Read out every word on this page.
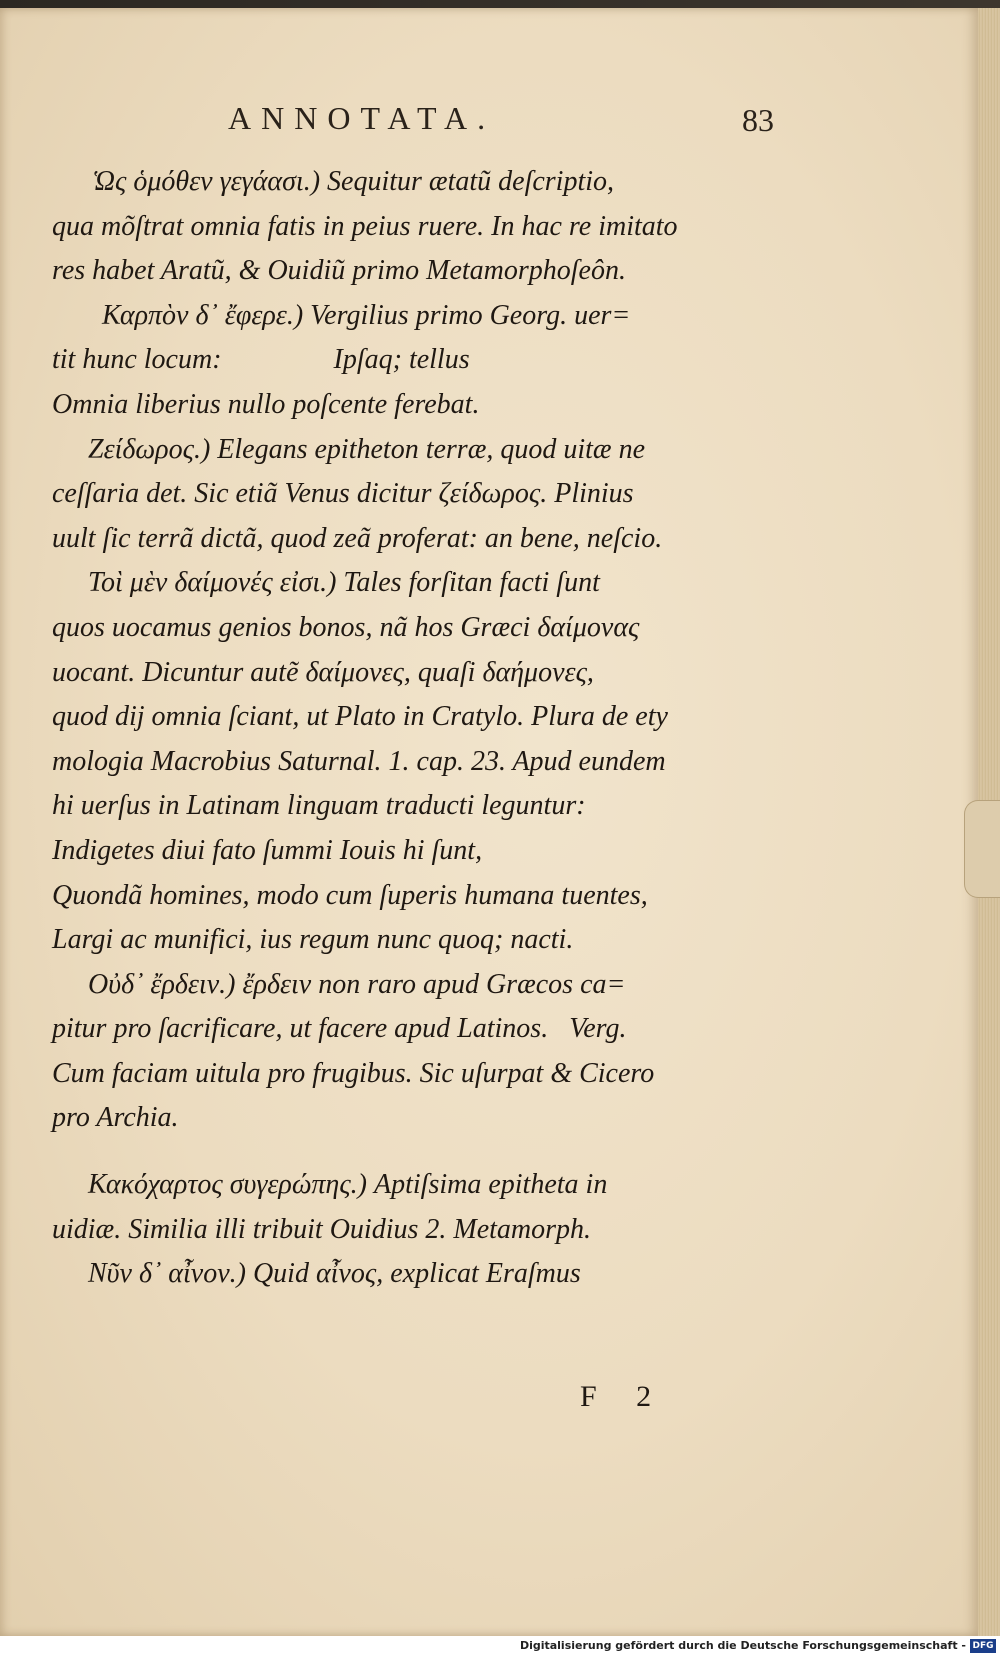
ANNOTATA.	83
Ὡς ὁμόθεν γεγάασι.) Sequitur ætatũ deſcriptio,
qua mõſtrat omnia fatis in peius ruere. In hac re imitato
res habet Aratũ, & Ouidiũ primo Metamorphoſeôn.
Καρπὸν δ᾽ ἔφερε.) Vergilius primo Georg. uer=
tit hunc locum:                Ipſaq; tellus
Omnia liberius nullo poſcente ferebat.
Ζείδωρος.) Elegans epitheton terræ, quod uitæ ne
ceſſaria det. Sic etiã Venus dicitur ζείδωρος. Plinius
uult ſic terrã dictã, quod zeã proferat: an bene, neſcio.
Τοὶ μὲν δαίμονές εἰσι.) Tales forſitan facti ſunt
quos uocamus genios bonos, nã hos Græci δαίμονας
uocant. Dicuntur autẽ δαίμονες, quaſi δαήμονες,
quod dij omnia ſciant, ut Plato in Cratylo. Plura de ety
mologia Macrobius Saturnal. 1. cap. 23. Apud eundem
hi uerſus in Latinam linguam traducti leguntur:
Indigetes diui fato ſummi Iouis hi ſunt,
Quondã homines, modo cum ſuperis humana tuentes,
Largi ac munifici, ius regum nunc quoq; nacti.
Οὐδ᾽ ἔρδειν.) ἔρδειν non raro apud Græcos ca=
pitur pro ſacrificare, ut facere apud Latinos.   Verg.
Cum faciam uitula pro frugibus. Sic uſurpat & Cicero
pro Archia.
Κακόχαρτος συγερώπης.) Aptiſsima epitheta in
uidiæ. Similia illi tribuit Ouidius 2. Metamorph.
Νῦν δ᾽ αἶνον.) Quid αἶνος, explicat Eraſmus
F 2
Digitalisierung gefördert durch die Deutsche Forschungsgemeinschaft - DFG
